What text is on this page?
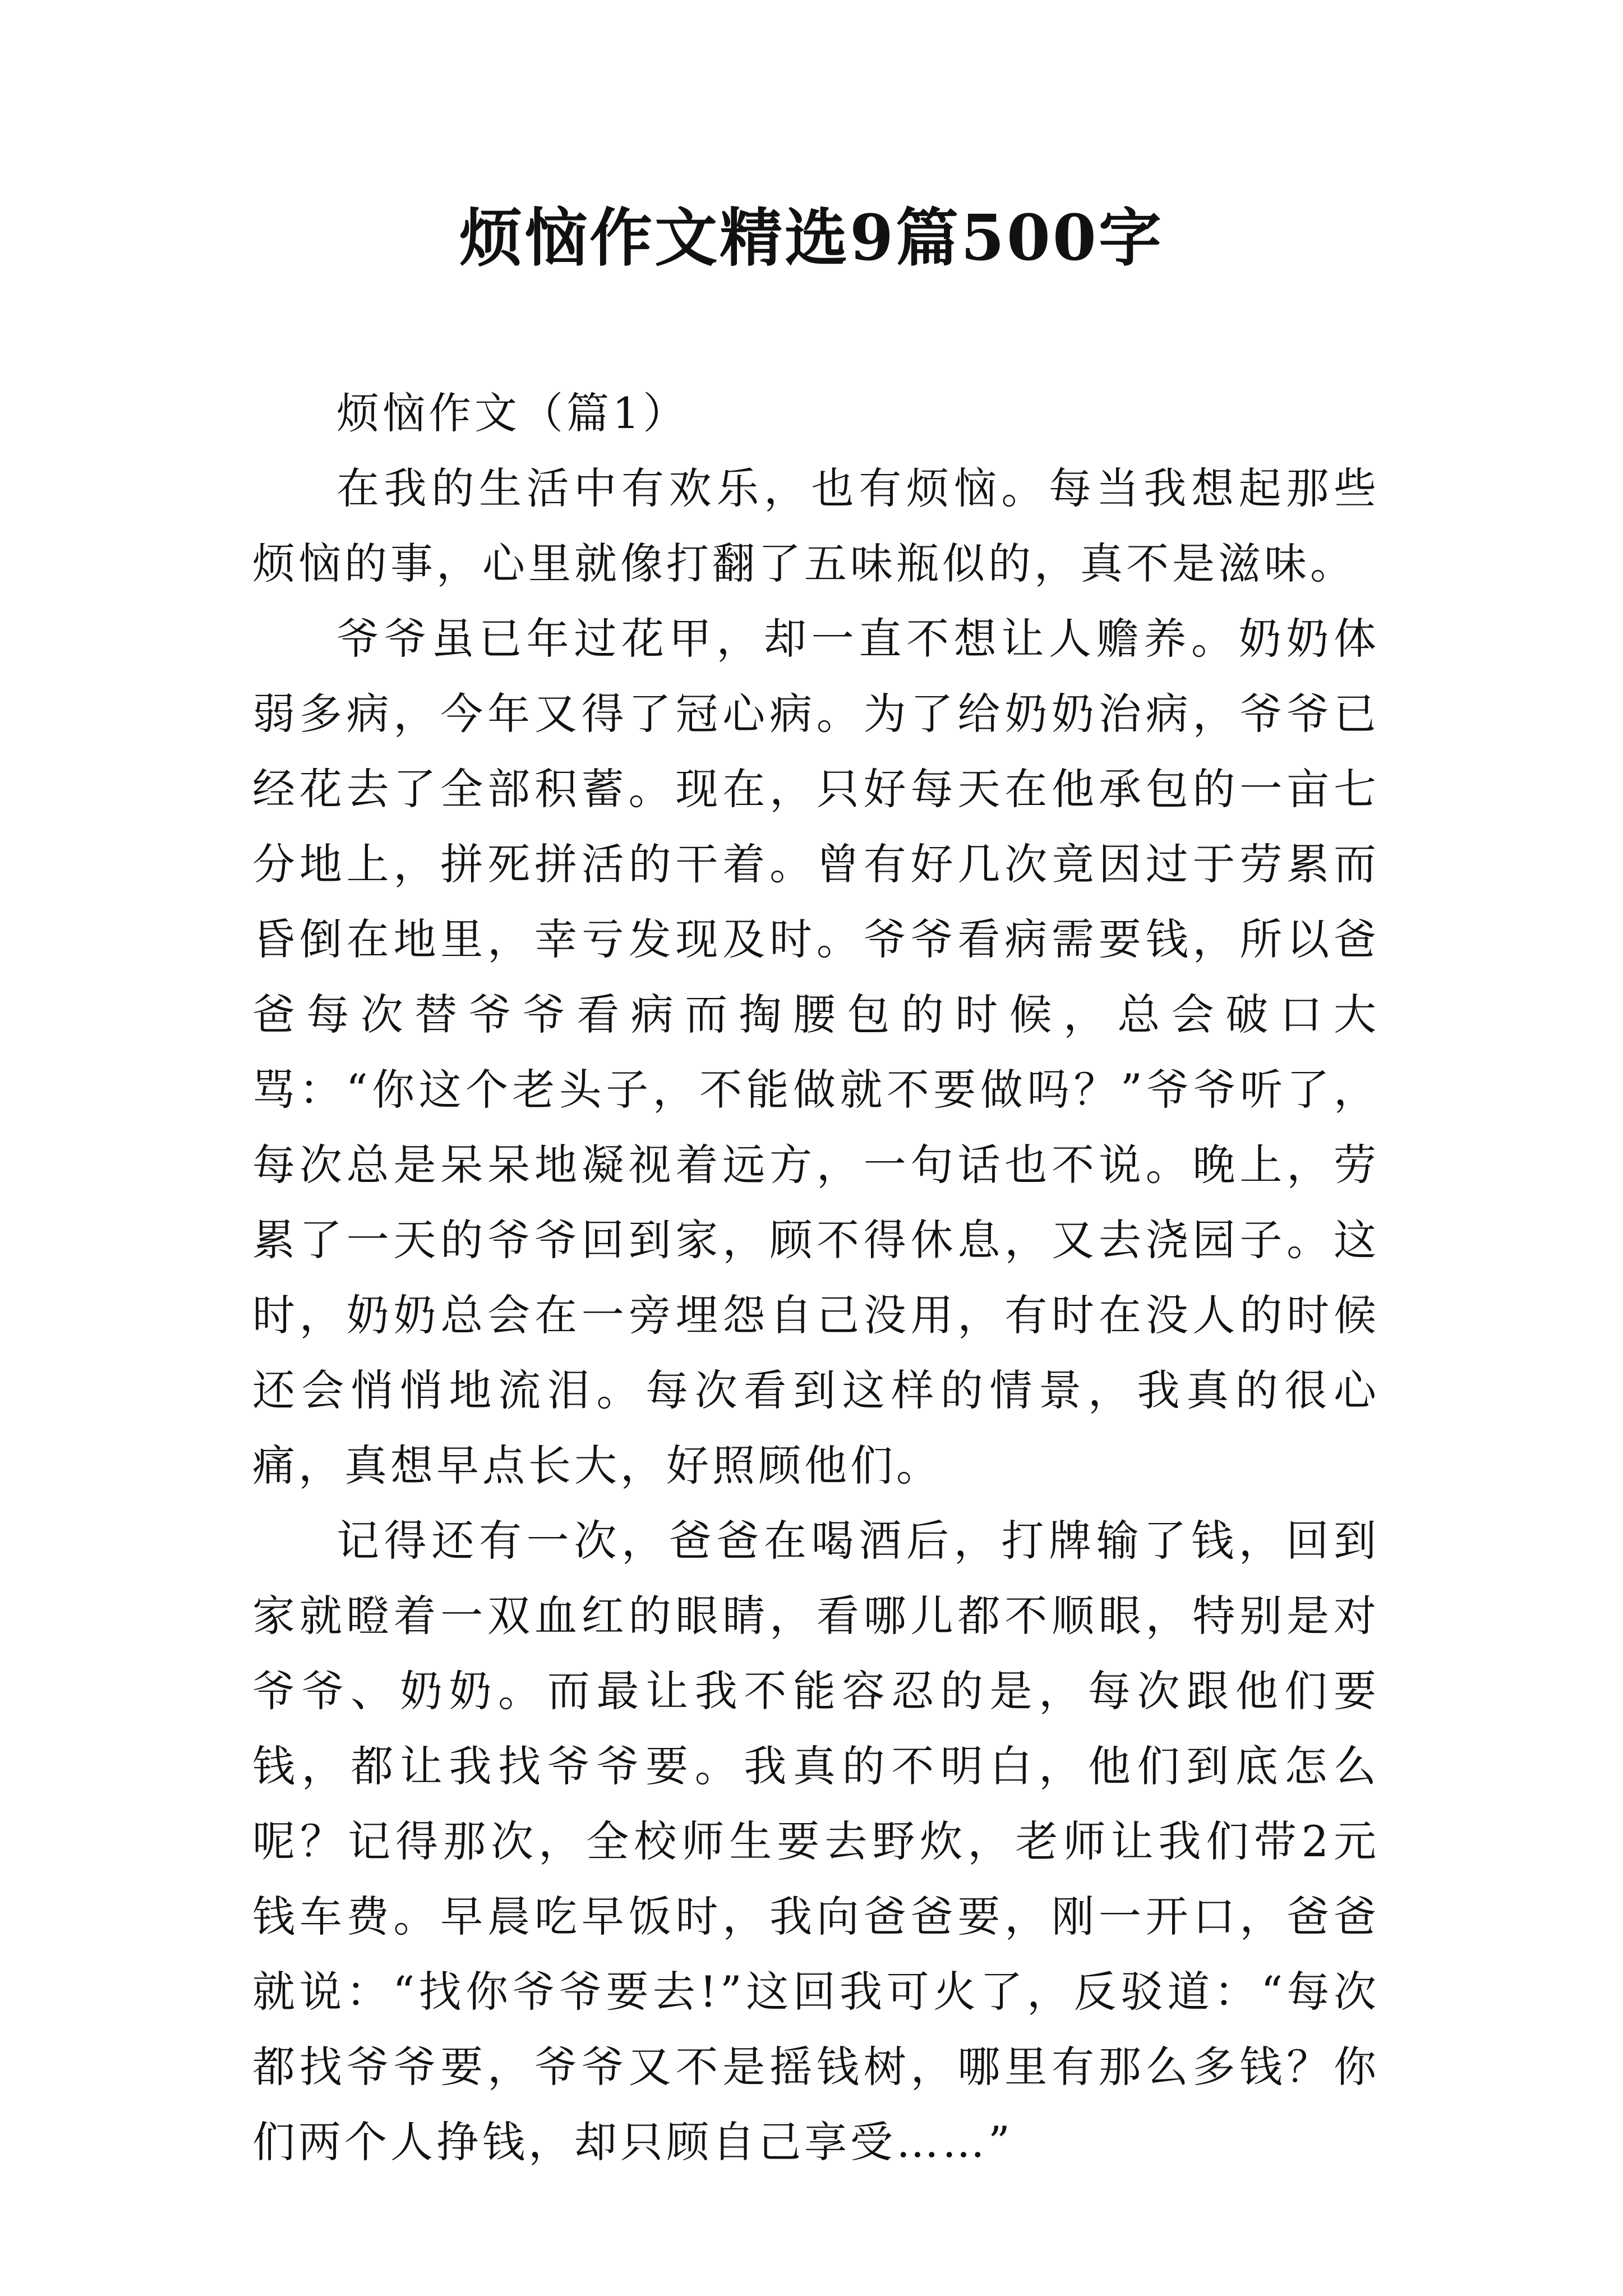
烦恼作文精选9篇500字

烦恼作文（篇1）

在我的生活中有欢乐，也有烦恼。每当我想起那些烦恼的事，心里就像打翻了五味瓶似的，真不是滋味。

爷爷虽已年过花甲，却一直不想让人赡养。奶奶体弱多病，今年又得了冠心病。为了给奶奶治病，爷爷已经花去了全部积蓄。现在，只好每天在他承包的一亩七分地上，拼死拼活的干着。曾有好几次竟因过于劳累而昏倒在地里，幸亏发现及时。爷爷看病需要钱，所以爸爸每次替爷爷看病而掏腰包的时候，总会破口大骂：“你这个老头子，不能做就不要做吗？”爷爷听了，每次总是呆呆地凝视着远方，一句话也不说。晚上，劳累了一天的爷爷回到家，顾不得休息，又去浇园子。这时，奶奶总会在一旁埋怨自己没用，有时在没人的时候还会悄悄地流泪。每次看到这样的情景，我真的很心痛，真想早点长大，好照顾他们。

记得还有一次，爸爸在喝酒后，打牌输了钱，回到家就瞪着一双血红的眼睛，看哪儿都不顺眼，特别是对爷爷、奶奶。而最让我不能容忍的是，每次跟他们要钱，都让我找爷爷要。我真的不明白，他们到底怎么呢？记得那次，全校师生要去野炊，老师让我们带2元钱车费。早晨吃早饭时，我向爸爸要，刚一开口，爸爸就说：“找你爷爷要去!”这回我可火了，反驳道：“每次都找爷爷要，爷爷又不是摇钱树，哪里有那么多钱？你们两个人挣钱，却只顾自己享受……”
